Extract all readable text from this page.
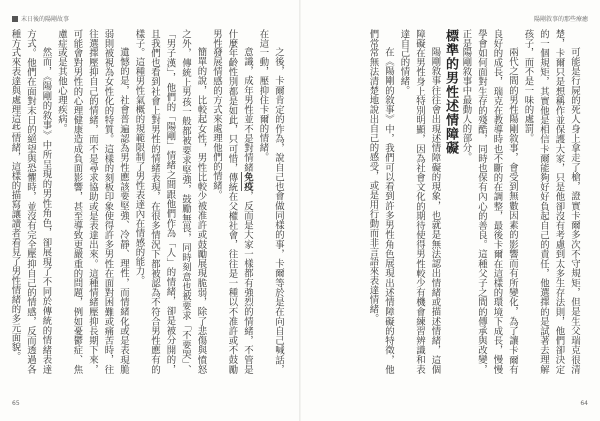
末日後的陽剛故事

之後，卡爾肯定的作為，說自己也會做同樣的事，卡爾等於是在向自己喊話，在這一動，壓抑住卡爾的情緒。

意識，成年男性並不是對情緒免疫，反而是大家一樣都有強烈的情緒，不管是什麼年齡性別都是如此，只可惜，傳統在父權社會，往往是一種以不准許或不鼓勵男性發展情感的方式來處理他們的情緒。

簡單的說，比較起女性，男性比較少被准許或鼓勵展現脆弱，除了悲傷與憤怒之外，傳統上男孩一般都被要求堅強，鼓勵無畏，同時刻意也被要求「不要哭」、「男子漢」，他們的「陽剛」情緒之間跟他們作為「人」的情緒，卻是被分開的，且我們也看到社會上對男性的情緒表現，在很多情況下都被認為不符合男性應有的樣子。這種男性氣概的規範限制了男性表達內在情感的能力。

遺憾的是，社會普遍認為男性應該要堅強、冷靜、理性，而情緒化或是表現脆弱則被視為女性化的特質。這樣的刻板印象使得許多男性在面對困難或痛苦時，往往選擇壓抑自己的情緒，而不是尋求協助或是表達出來。這種情緒壓抑長期下來，可能會對男性的心理健康造成負面影響，甚至導致更嚴重的問題，例如憂鬱症、焦慮症或是其他心理疾病。

然而，《陽剛的敘事》中所呈現的男性角色，卻展現了不同於傳統的情緒表達方式。他們在面對末日的絕望與恐懼時，並沒有完全壓抑自己的情感，反而透過各種方式來表達與處理這些情緒，這樣的描寫讓讀者看見了男性情緒的多元面貌。

65
陽剛敘事的那些療癒

可能是行屍的死人身上拿走了槍，證實卡爾多次不守規矩，但是生父瑞克很清楚，卡爾只是想稱作並保護大家，只是他卻沒有考慮到太多生存法則，他們卻決定的一個規矩，其實他是相信卡爾能夠好好負起自己的責任，他選擇的是試著去理解孩子，而不是一味的處罰。

兩代之間的男性陽剛敘事，會受到無數因素的影響而有所變化，為了讓卡爾有良好的成長，瑞克在教導時也不斷的在調整，最後卡爾在這樣的環境下成長，慢慢學會如何面對生存的殘酷，同時也保有內心的善良。這種父子之間的傳承與改變，正是陽剛敘事中最動人的部分。

標準的男性述情障礙

陽剛敘事往往會出現述情障礙的現象，也就是無法認出情緒或描述情緒，這個障礙在男性身上特別明顯，因為社會文化的期待使得男性較少有機會練習辨識和表達自己的情緒。

在《陽剛的敘事》中，我們可以看到許多男性角色展現出述情障礙的特徵，他們常常無法清楚地說出自己的感受，或是用行動而非言語來表達情緒。

64
